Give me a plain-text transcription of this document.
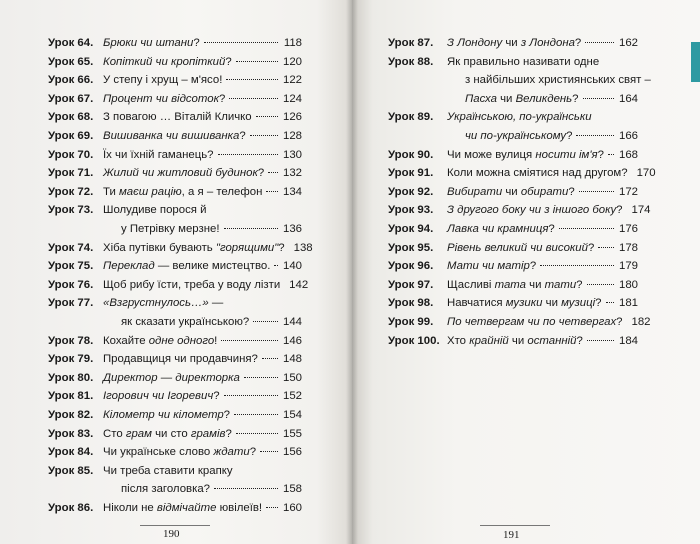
190
Урок 64. Брюки чи штани?	118
Урок 65. Копіткий чи кропіткий?	120
Урок 66. У степу і хрущ – м'ясо!	122
Урок 67. Процент чи відсоток?	124
Урок 68. З повагою … Віталій Кличко	126
Урок 69. Вишиванка чи вишиванка?	128
Урок 70. Їх чи їхній гаманець?	130
Урок 71. Жилий чи житловий будинок? 132
Урок 72. Ти маєш рацію, а я – телефон 134
Урок 73. Шолудиве порося й
у Петрівку мерзне!	136
Урок 74. Хіба путівки бувають "горящими"? 138
Урок 75. Переклад — велике мистецтво. 140
Урок 76. Щоб рибу їсти, треба у воду лізти 142
Урок 77. «Взгрустнулось…» —
як сказати українською?	144
Урок 78. Кохайте одне одного!	146
Урок 79. Продавщиця чи продавчиня? 148
Урок 80. Директор — директорка	150
Урок 81. Ігорович чи Ігоревич?	152
Урок 82. Кілометр чи кілометр?	154
Урок 83. Сто грам чи сто грамів?	155
Урок 84. Чи українське слово ждати? 156
Урок 85. Чи треба ставити крапку
після заголовка?	158
Урок 86. Ніколи не відмічайте ювілеїв! 160
191
Урок 87. З Лондону чи з Лондона?	162
Урок 88. Як правильно називати одне
з найбільших християнських свят –
Пасха чи Великдень?	164
Урок 89. Українською, по-українськи
чи по-українському?	166
Урок 90. Чи може вулиця носити ім'я? 168
Урок 91. Коли можна сміятися над другом? 170
Урок 92. Вибирати чи обирати?	172
Урок 93. З другого боку чи з іншого боку? 174
Урок 94. Лавка чи крамниця?	176
Урок 95. Рівень великий чи високий? 178
Урок 96. Мати чи матір?	179
Урок 97. Щасливі тата чи тати?	180
Урок 98. Навчатися музики чи музиці? 181
Урок 99. По четвергам чи по четвергах? 182
Урок 100. Хто крайній чи останній?	184
